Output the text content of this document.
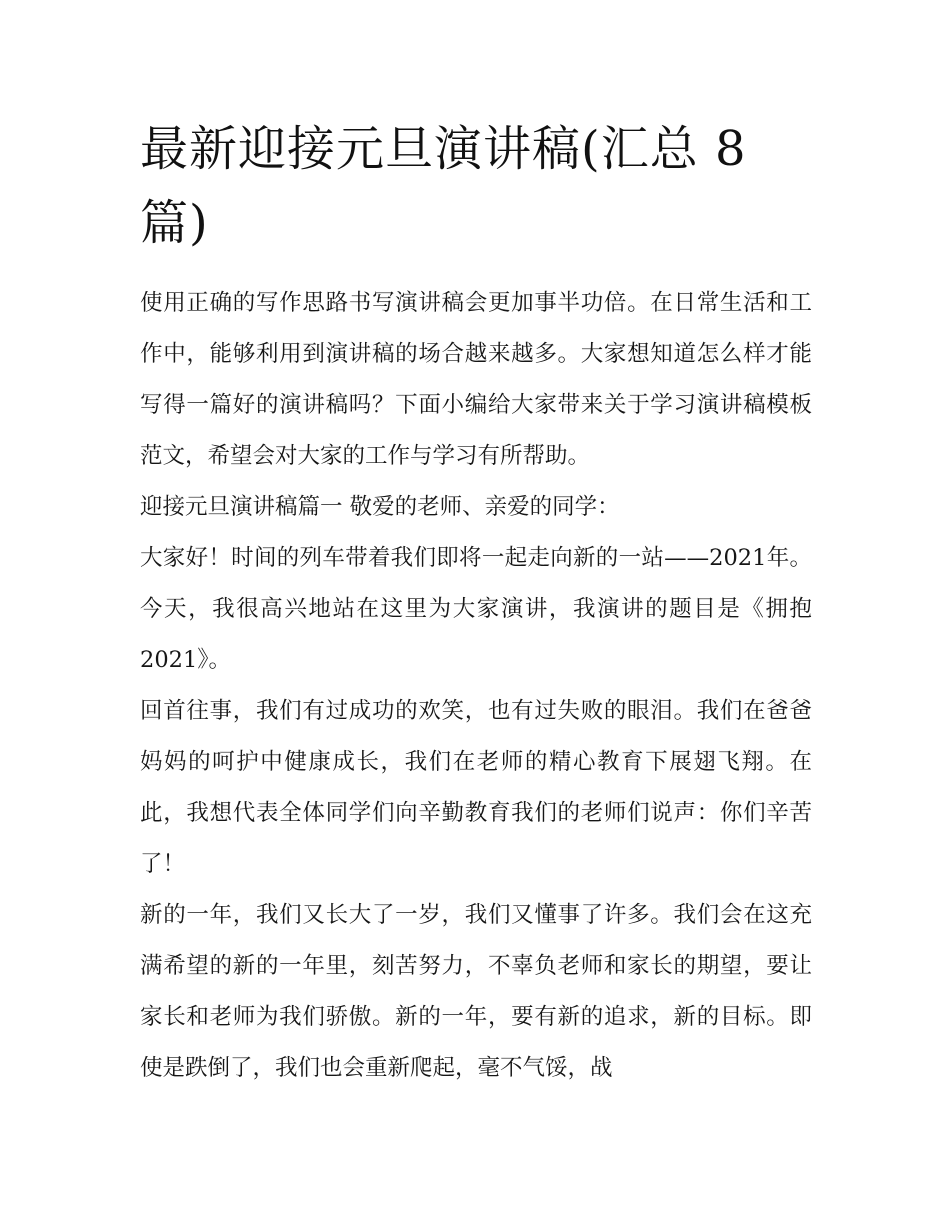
最新迎接元旦演讲稿(汇总 8 篇)

使用正确的写作思路书写演讲稿会更加事半功倍。在日常生活和工作中，能够利用到演讲稿的场合越来越多。大家想知道怎么样才能写得一篇好的演讲稿吗？下面小编给大家带来关于学习演讲稿模板范文，希望会对大家的工作与学习有所帮助。

迎接元旦演讲稿篇一 敬爱的老师、亲爱的同学：

大家好！时间的列车带着我们即将一起走向新的一站——2021年。今天，我很高兴地站在这里为大家演讲，我演讲的题目是《拥抱 2021》。

回首往事，我们有过成功的欢笑，也有过失败的眼泪。我们在爸爸妈妈的呵护中健康成长，我们在老师的精心教育下展翅飞翔。在此，我想代表全体同学们向辛勤教育我们的老师们说声：你们辛苦了！

新的一年，我们又长大了一岁，我们又懂事了许多。我们会在这充满希望的新的一年里，刻苦努力，不辜负老师和家长的期望，要让家长和老师为我们骄傲。新的一年，要有新的追求，新的目标。即使是跌倒了，我们也会重新爬起，毫不气馁，战
